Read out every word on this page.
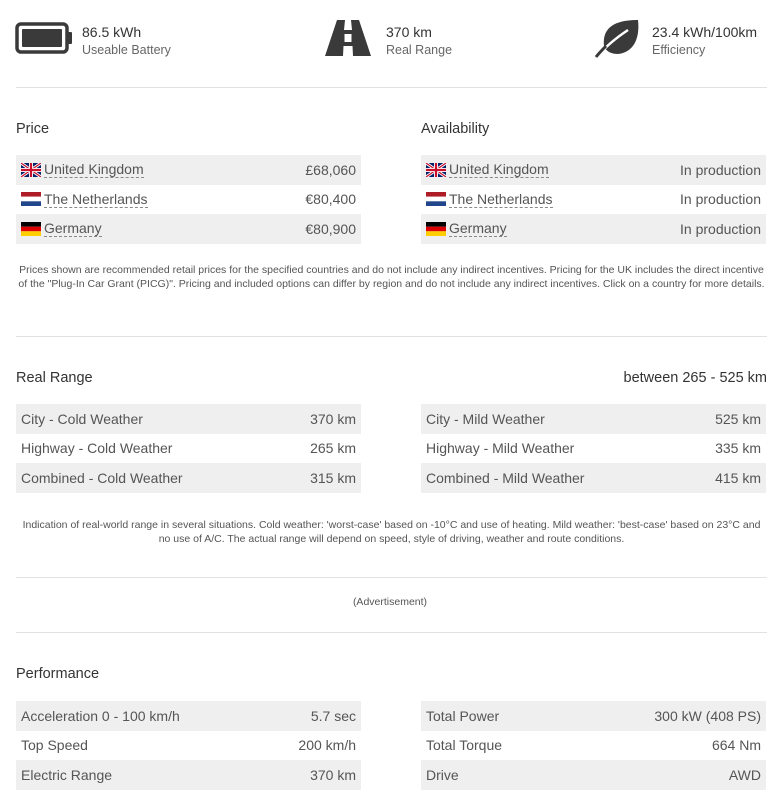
86.5 kWh
Useable Battery
370 km
Real Range
23.4 kWh/100km
Efficiency
Price
United Kingdom	£68,060
The Netherlands	€80,400
Germany	€80,900
Availability
United Kingdom	In production
The Netherlands	In production
Germany	In production
Prices shown are recommended retail prices for the specified countries and do not include any indirect incentives. Pricing for the UK includes the direct incentive of the "Plug-In Car Grant (PICG)". Pricing and included options can differ by region and do not include any indirect incentives. Click on a country for more details.
Real Range	between 265 - 525 km
City - Cold Weather	370 km
Highway - Cold Weather	265 km
Combined - Cold Weather	315 km
City - Mild Weather	525 km
Highway - Mild Weather	335 km
Combined - Mild Weather	415 km
Indication of real-world range in several situations. Cold weather: 'worst-case' based on -10°C and use of heating. Mild weather: 'best-case' based on 23°C and no use of A/C. The actual range will depend on speed, style of driving, weather and route conditions.
(Advertisement)
Performance
Acceleration 0 - 100 km/h	5.7 sec
Top Speed	200 km/h
Electric Range	370 km
Total Power	300 kW (408 PS)
Total Torque	664 Nm
Drive	AWD
